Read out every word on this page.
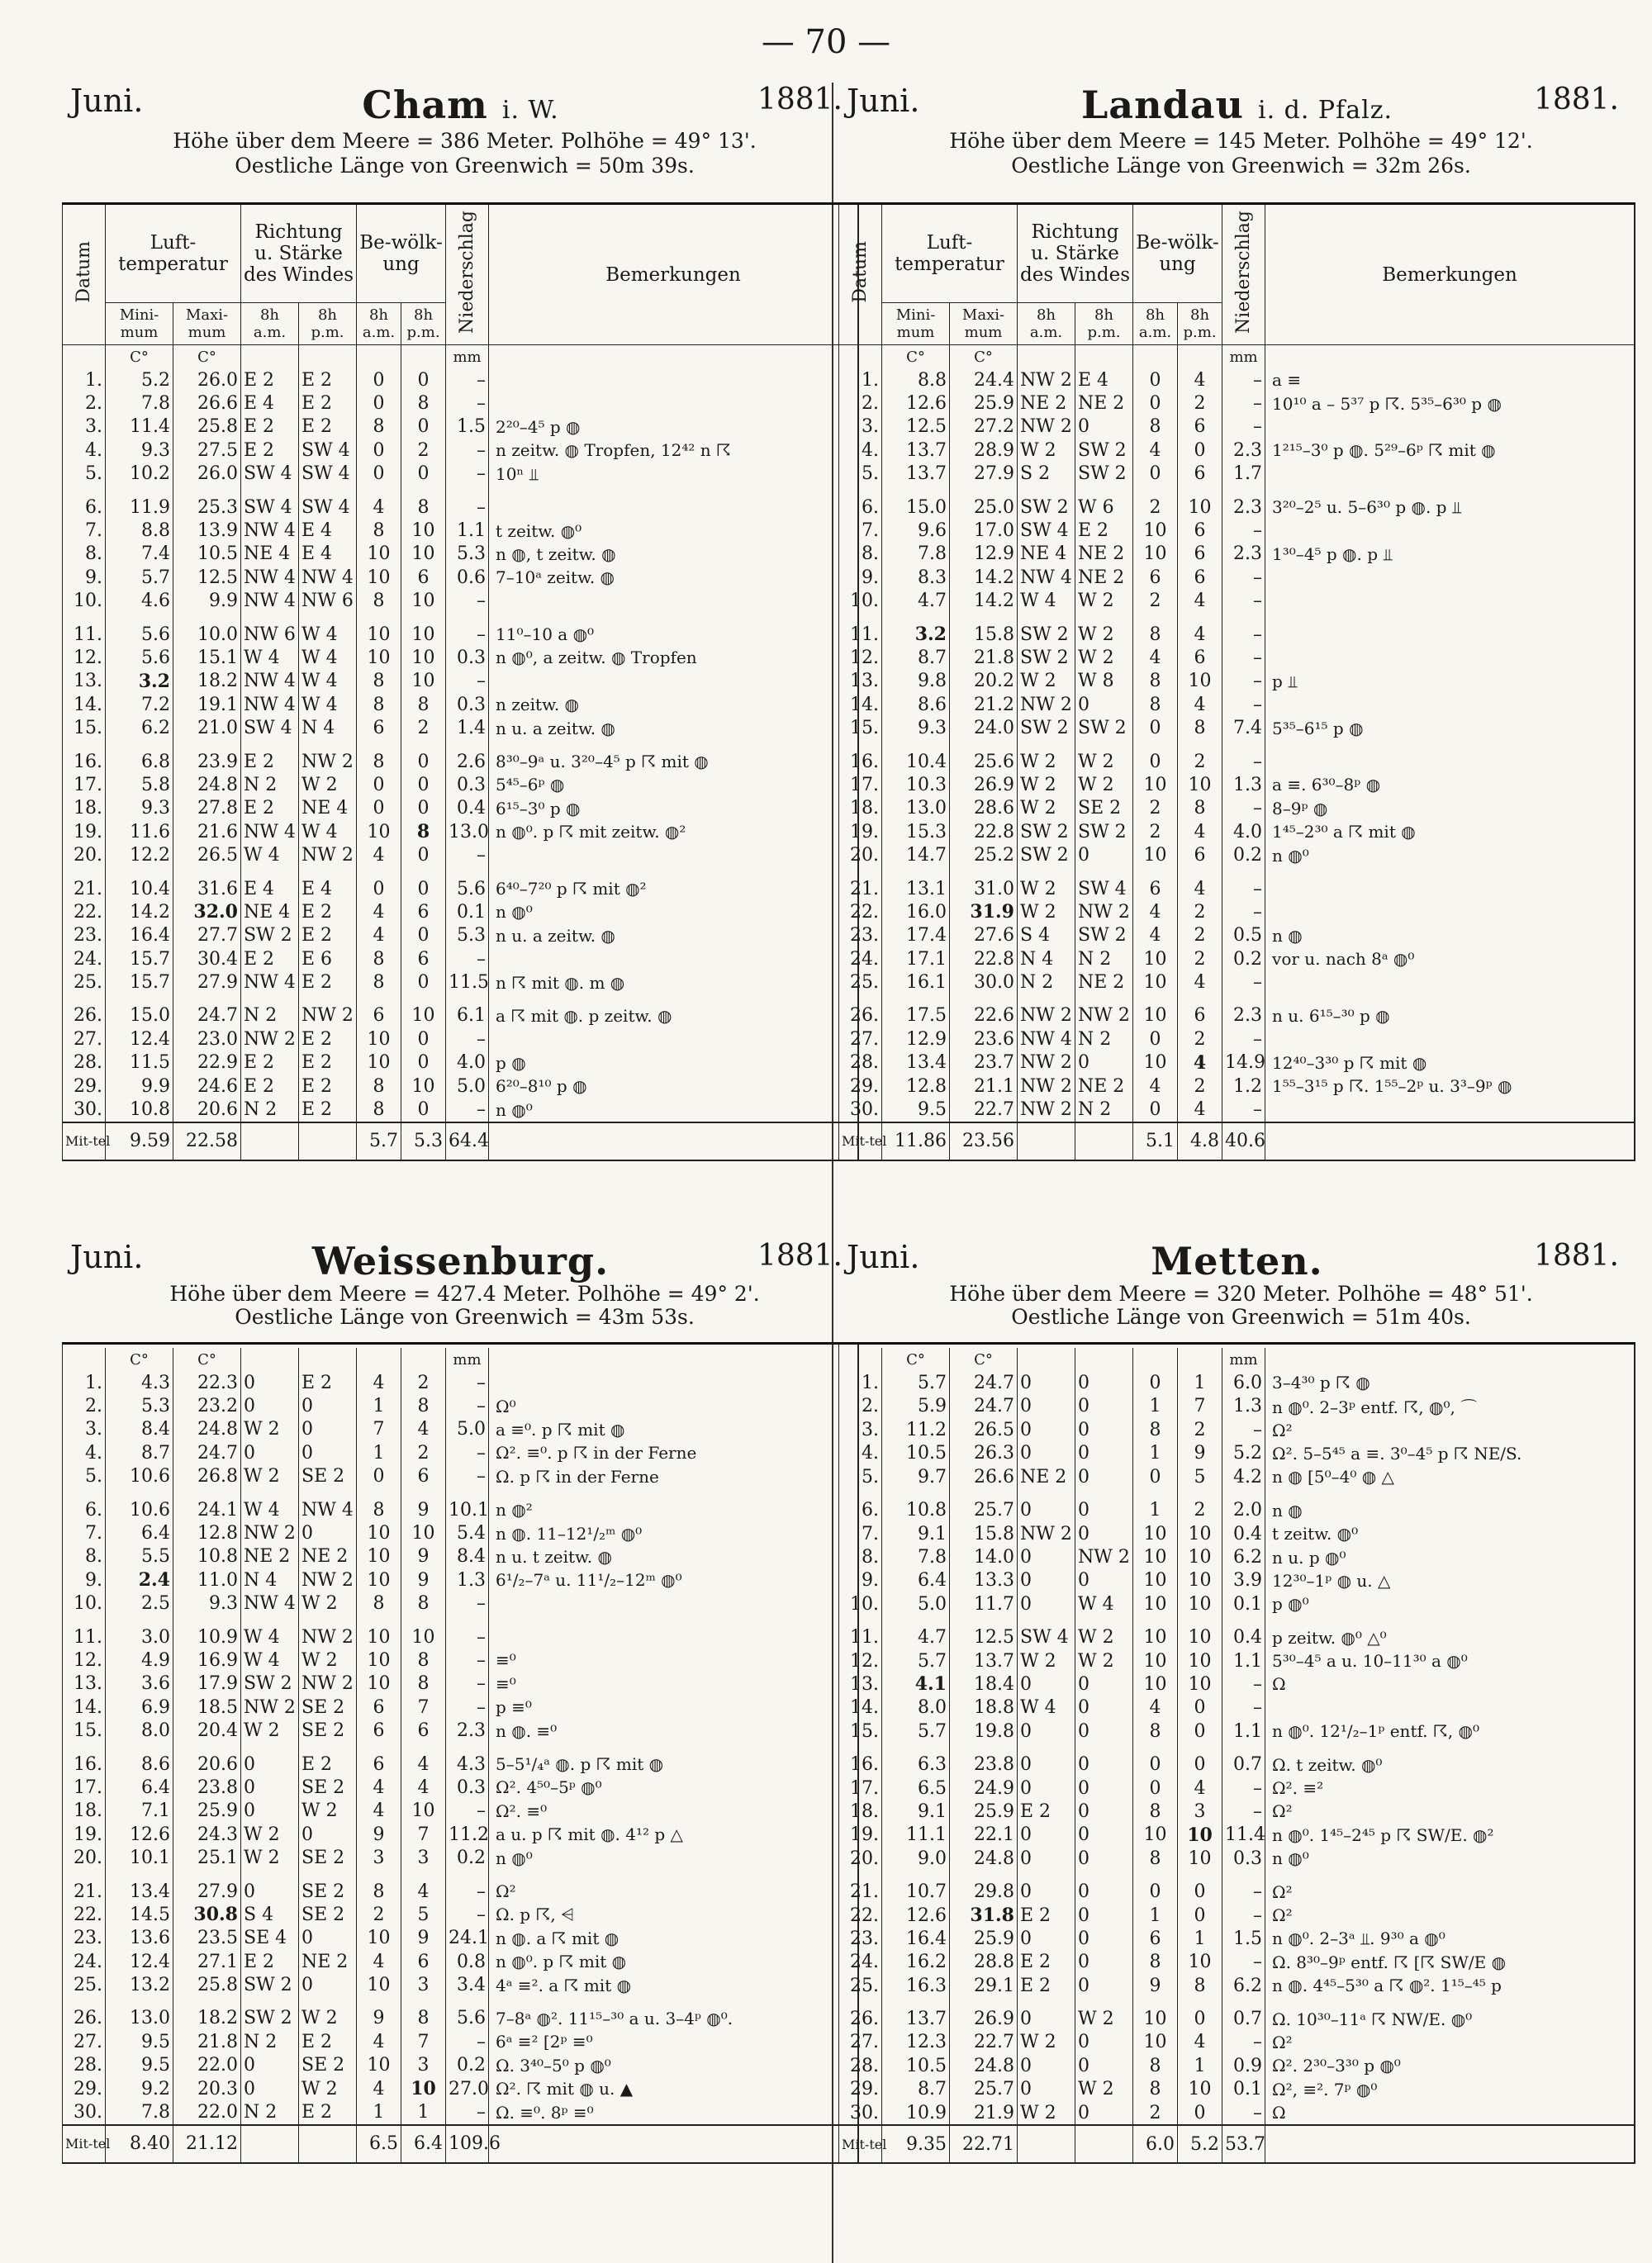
— 70 —
Juni.	Cham i. W.	1881.
Höhe über dem Meere = 386 Meter. Polhöhe = 49° 13'.
Oestliche Länge von Greenwich = 50m 39s.
Datum	Luft-temperatur		Richtung u. Stärke des Windes		Be-wölk-ung		Niederschlag	Bemerkungen
	Mini-mum	Maxi-mum	8h a.m.	8h p.m.	8h a.m.	8h p.m.		
	C°	C°					mm	
1.	5.2	26.0	E 2	E 2	0	0	–	
2.	7.8	26.6	E 4	E 2	0	8	–	
3.	11.4	25.8	E 2	E 2	8	0	1.5	2²⁰–4⁵ p ◍
4.	9.3	27.5	E 2	SW 4	0	2	–	n zeitw. ◍ Tropfen, 12⁴² n ☈
5.	10.2	26.0	SW 4	SW 4	0	0	–	10ⁿ ⫫

6.	11.9	25.3	SW 4	SW 4	4	8	–	
7.	8.8	13.9	NW 4	E 4	8	10	1.1	t zeitw. ◍⁰
8.	7.4	10.5	NE 4	E 4	10	10	5.3	n ◍, t zeitw. ◍
9.	5.7	12.5	NW 4	NW 4	10	6	0.6	7–10ᵃ zeitw. ◍
10.	4.6	9.9	NW 4	NW 6	8	10	–	

11.	5.6	10.0	NW 6	W 4	10	10	–	11⁰–10 a ◍⁰
12.	5.6	15.1	W 4	W 4	10	10	0.3	n ◍⁰, a zeitw. ◍ Tropfen
13.	3.2	18.2	NW 4	W 4	8	10	–	
14.	7.2	19.1	NW 4	W 4	8	8	0.3	n zeitw. ◍
15.	6.2	21.0	SW 4	N 4	6	2	1.4	n u. a zeitw. ◍

16.	6.8	23.9	E 2	NW 2	8	0	2.6	8³⁰–9ᵃ u. 3²⁰–4⁵ p ☈ mit ◍
17.	5.8	24.8	N 2	W 2	0	0	0.3	5⁴⁵–6ᵖ ◍
18.	9.3	27.8	E 2	NE 4	0	0	0.4	6¹⁵–3⁰ p ◍
19.	11.6	21.6	NW 4	W 4	10	8	13.0	n ◍⁰. p ☈ mit zeitw. ◍²
20.	12.2	26.5	W 4	NW 2	4	0	–	

21.	10.4	31.6	E 4	E 4	0	0	5.6	6⁴⁰–7²⁰ p ☈ mit ◍²
22.	14.2	32.0	NE 4	E 2	4	6	0.1	n ◍⁰
23.	16.4	27.7	SW 2	E 2	4	0	5.3	n u. a zeitw. ◍
24.	15.7	30.4	E 2	E 6	8	6	–	
25.	15.7	27.9	NW 4	E 2	8	0	11.5	n ☈ mit ◍. m ◍

26.	15.0	24.7	N 2	NW 2	6	10	6.1	a ☈ mit ◍. p zeitw. ◍
27.	12.4	23.0	NW 2	E 2	10	0	–	
28.	11.5	22.9	E 2	E 2	10	0	4.0	p ◍
29.	9.9	24.6	E 2	E 2	8	10	5.0	6²⁰–8¹⁰ p ◍
30.	10.8	20.6	N 2	E 2	8	0	–	n ◍⁰
Mit-tel	9.59	22.58			5.7	5.3	64.4	
Juni.	Landau i. d. Pfalz.	1881.
Höhe über dem Meere = 145 Meter. Polhöhe = 49° 12'.
Oestliche Länge von Greenwich = 32m 26s.
Datum	Luft-temperatur		Richtung u. Stärke des Windes		Be-wölk-ung		Niederschlag	Bemerkungen
	Mini-mum	Maxi-mum	8h a.m.	8h p.m.	8h a.m.	8h p.m.		
	C°	C°					mm	
1.	8.8	24.4	NW 2	E 4	0	4	–	a ≡
2.	12.6	25.9	NE 2	NE 2	0	2	–	10¹⁰ a – 5³⁷ p ☈. 5³⁵–6³⁰ p ◍
3.	12.5	27.2	NW 2	0	8	6	–	
4.	13.7	28.9	W 2	SW 2	4	0	2.3	1²¹⁵–3⁰ p ◍. 5²⁹–6ᵖ ☈ mit ◍
5.	13.7	27.9	S 2	SW 2	0	6	1.7	

6.	15.0	25.0	SW 2	W 6	2	10	2.3	3²⁰–2⁵ u. 5–6³⁰ p ◍. p ⫫
7.	9.6	17.0	SW 4	E 2	10	6	–	
8.	7.8	12.9	NE 4	NE 2	10	6	2.3	1³⁰–4⁵ p ◍. p ⫫
9.	8.3	14.2	NW 4	NE 2	6	6	–	
10.	4.7	14.2	W 4	W 2	2	4	–	

11.	3.2	15.8	SW 2	W 2	8	4	–	
12.	8.7	21.8	SW 2	W 2	4	6	–	
13.	9.8	20.2	W 2	W 8	8	10	–	p ⫫
14.	8.6	21.2	NW 2	0	8	4	–	
15.	9.3	24.0	SW 2	SW 2	0	8	7.4	5³⁵–6¹⁵ p ◍

16.	10.4	25.6	W 2	W 2	0	2	–	
17.	10.3	26.9	W 2	W 2	10	10	1.3	a ≡. 6³⁰–8ᵖ ◍
18.	13.0	28.6	W 2	SE 2	2	8	–	8–9ᵖ ◍
19.	15.3	22.8	SW 2	SW 2	2	4	4.0	1⁴⁵–2³⁰ a ☈ mit ◍
20.	14.7	25.2	SW 2	0	10	6	0.2	n ◍⁰

21.	13.1	31.0	W 2	SW 4	6	4	–	
22.	16.0	31.9	W 2	NW 2	4	2	–	
23.	17.4	27.6	S 4	SW 2	4	2	0.5	n ◍
24.	17.1	22.8	N 4	N 2	10	2	0.2	vor u. nach 8ᵃ ◍⁰
25.	16.1	30.0	N 2	NE 2	10	4	–	

26.	17.5	22.6	NW 2	NW 2	10	6	2.3	n u. 6¹⁵–³⁰ p ◍
27.	12.9	23.6	NW 4	N 2	0	2	–	
28.	13.4	23.7	NW 2	0	10	4	14.9	12⁴⁰–3³⁰ p ☈ mit ◍
29.	12.8	21.1	NW 2	NE 2	4	2	1.2	1⁵⁵–3¹⁵ p ☈. 1⁵⁵–2ᵖ u. 3³–9ᵖ ◍
30.	9.5	22.7	NW 2	N 2	0	4	–	
Mit-tel	11.86	23.56			5.1	4.8	40.6	
Juni.	Weissenburg.	1881.
Höhe über dem Meere = 427.4 Meter. Polhöhe = 49° 2'.
Oestliche Länge von Greenwich = 43m 53s.

	C°	C°					mm	
1.	4.3	22.3	0	E 2	4	2	–	
2.	5.3	23.2	0	0	1	8	–	Ω⁰
3.	8.4	24.8	W 2	0	7	4	5.0	a ≡⁰. p ☈ mit ◍
4.	8.7	24.7	0	0	1	2	–	Ω². ≡⁰. p ☈ in der Ferne
5.	10.6	26.8	W 2	SE 2	0	6	–	Ω. p ☈ in der Ferne

6.	10.6	24.1	W 4	NW 4	8	9	10.1	n ◍²
7.	6.4	12.8	NW 2	0	10	10	5.4	n ◍. 11–12¹/₂ᵐ ◍⁰
8.	5.5	10.8	NE 2	NE 2	10	9	8.4	n u. t zeitw. ◍
9.	2.4	11.0	N 4	NW 2	10	9	1.3	6¹/₂–7ᵃ u. 11¹/₂–12ᵐ ◍⁰
10.	2.5	9.3	NW 4	W 2	8	8	–	

11.	3.0	10.9	W 4	NW 2	10	10	–	
12.	4.9	16.9	W 4	W 2	10	8	–	≡⁰
13.	3.6	17.9	SW 2	NW 2	10	8	–	≡⁰
14.	6.9	18.5	NW 2	SE 2	6	7	–	p ≡⁰
15.	8.0	20.4	W 2	SE 2	6	6	2.3	n ◍. ≡⁰

16.	8.6	20.6	0	E 2	6	4	4.3	5–5¹/₄ᵃ ◍. p ☈ mit ◍
17.	6.4	23.8	0	SE 2	4	4	0.3	Ω². 4⁵⁰–5ᵖ ◍⁰
18.	7.1	25.9	0	W 2	4	10	–	Ω². ≡⁰
19.	12.6	24.3	W 2	0	9	7	11.2	a u. p ☈ mit ◍. 4¹² p △
20.	10.1	25.1	W 2	SE 2	3	3	0.2	n ◍⁰

21.	13.4	27.9	0	SE 2	8	4	–	Ω²
22.	14.5	30.8	S 4	SE 2	2	5	–	Ω. p ☈, ⩤
23.	13.6	23.5	SE 4	0	10	9	24.1	n ◍. a ☈ mit ◍
24.	12.4	27.1	E 2	NE 2	4	6	0.8	n ◍⁰. p ☈ mit ◍
25.	13.2	25.8	SW 2	0	10	3	3.4	4ᵃ ≡². a ☈ mit ◍

26.	13.0	18.2	SW 2	W 2	9	8	5.6	7–8ᵃ ◍². 11¹⁵–³⁰ a u. 3–4ᵖ ◍⁰.
27.	9.5	21.8	N 2	E 2	4	7	–	6ᵃ ≡² [2ᵖ ≡⁰
28.	9.5	22.0	0	SE 2	10	3	0.2	Ω. 3⁴⁰–5⁰ p ◍⁰
29.	9.2	20.3	0	W 2	4	10	27.0	Ω². ☈ mit ◍ u. ▲
30.	7.8	22.0	N 2	E 2	1	1	–	Ω. ≡⁰. 8ᵖ ≡⁰
Mit-tel	8.40	21.12			6.5	6.4	109.6	
Juni.	Metten.	1881.
Höhe über dem Meere = 320 Meter. Polhöhe = 48° 51'.
Oestliche Länge von Greenwich = 51m 40s.

	C°	C°					mm	
1.	5.7	24.7	0	0	0	1	6.0	3–4³⁰ p ☈ ◍
2.	5.9	24.7	0	0	1	7	1.3	n ◍⁰. 2–3ᵖ entf. ☈, ◍⁰, ⌒
3.	11.2	26.5	0	0	8	2	–	Ω²
4.	10.5	26.3	0	0	1	9	5.2	Ω². 5–5⁴⁵ a ≡. 3⁰–4⁵ p ☈ NE/S.
5.	9.7	26.6	NE 2	0	0	5	4.2	n ◍ [5⁰–4⁰ ◍ △

6.	10.8	25.7	0	0	1	2	2.0	n ◍
7.	9.1	15.8	NW 2	0	10	10	0.4	t zeitw. ◍⁰
8.	7.8	14.0	0	NW 2	10	10	6.2	n u. p ◍⁰
9.	6.4	13.3	0	0	10	10	3.9	12³⁰–1ᵖ ◍ u. △
10.	5.0	11.7	0	W 4	10	10	0.1	p ◍⁰

11.	4.7	12.5	SW 4	W 2	10	10	0.4	p zeitw. ◍⁰ △⁰
12.	5.7	13.7	W 2	W 2	10	10	1.1	5³⁰–4⁵ a u. 10–11³⁰ a ◍⁰
13.	4.1	18.4	0	0	10	10	–	Ω
14.	8.0	18.8	W 4	0	4	0	–	
15.	5.7	19.8	0	0	8	0	1.1	n ◍⁰. 12¹/₂–1ᵖ entf. ☈, ◍⁰

16.	6.3	23.8	0	0	0	0	0.7	Ω. t zeitw. ◍⁰
17.	6.5	24.9	0	0	0	4	–	Ω². ≡²
18.	9.1	25.9	E 2	0	8	3	–	Ω²
19.	11.1	22.1	0	0	10	10	11.4	n ◍⁰. 1⁴⁵–2⁴⁵ p ☈ SW/E. ◍²
20.	9.0	24.8	0	0	8	10	0.3	n ◍⁰

21.	10.7	29.8	0	0	0	0	–	Ω²
22.	12.6	31.8	E 2	0	1	0	–	Ω²
23.	16.4	25.9	0	0	6	1	1.5	n ◍⁰. 2–3ᵃ ⫫. 9³⁰ a ◍⁰
24.	16.2	28.8	E 2	0	8	10	–	Ω. 8³⁰–9ᵖ entf. ☈ [☈ SW/E ◍
25.	16.3	29.1	E 2	0	9	8	6.2	n ◍. 4⁴⁵–5³⁰ a ☈ ◍². 1¹⁵–⁴⁵ p

26.	13.7	26.9	0	W 2	10	0	0.7	Ω. 10³⁰–11ᵃ ☈ NW/E. ◍⁰
27.	12.3	22.7	W 2	0	10	4	–	Ω²
28.	10.5	24.8	0	0	8	1	0.9	Ω². 2³⁰–3³⁰ p ◍⁰
29.	8.7	25.7	0	W 2	8	10	0.1	Ω², ≡². 7ᵖ ◍⁰
30.	10.9	21.9	W 2	0	2	0	–	Ω
Mit-tel	9.35	22.71			6.0	5.2	53.7	
